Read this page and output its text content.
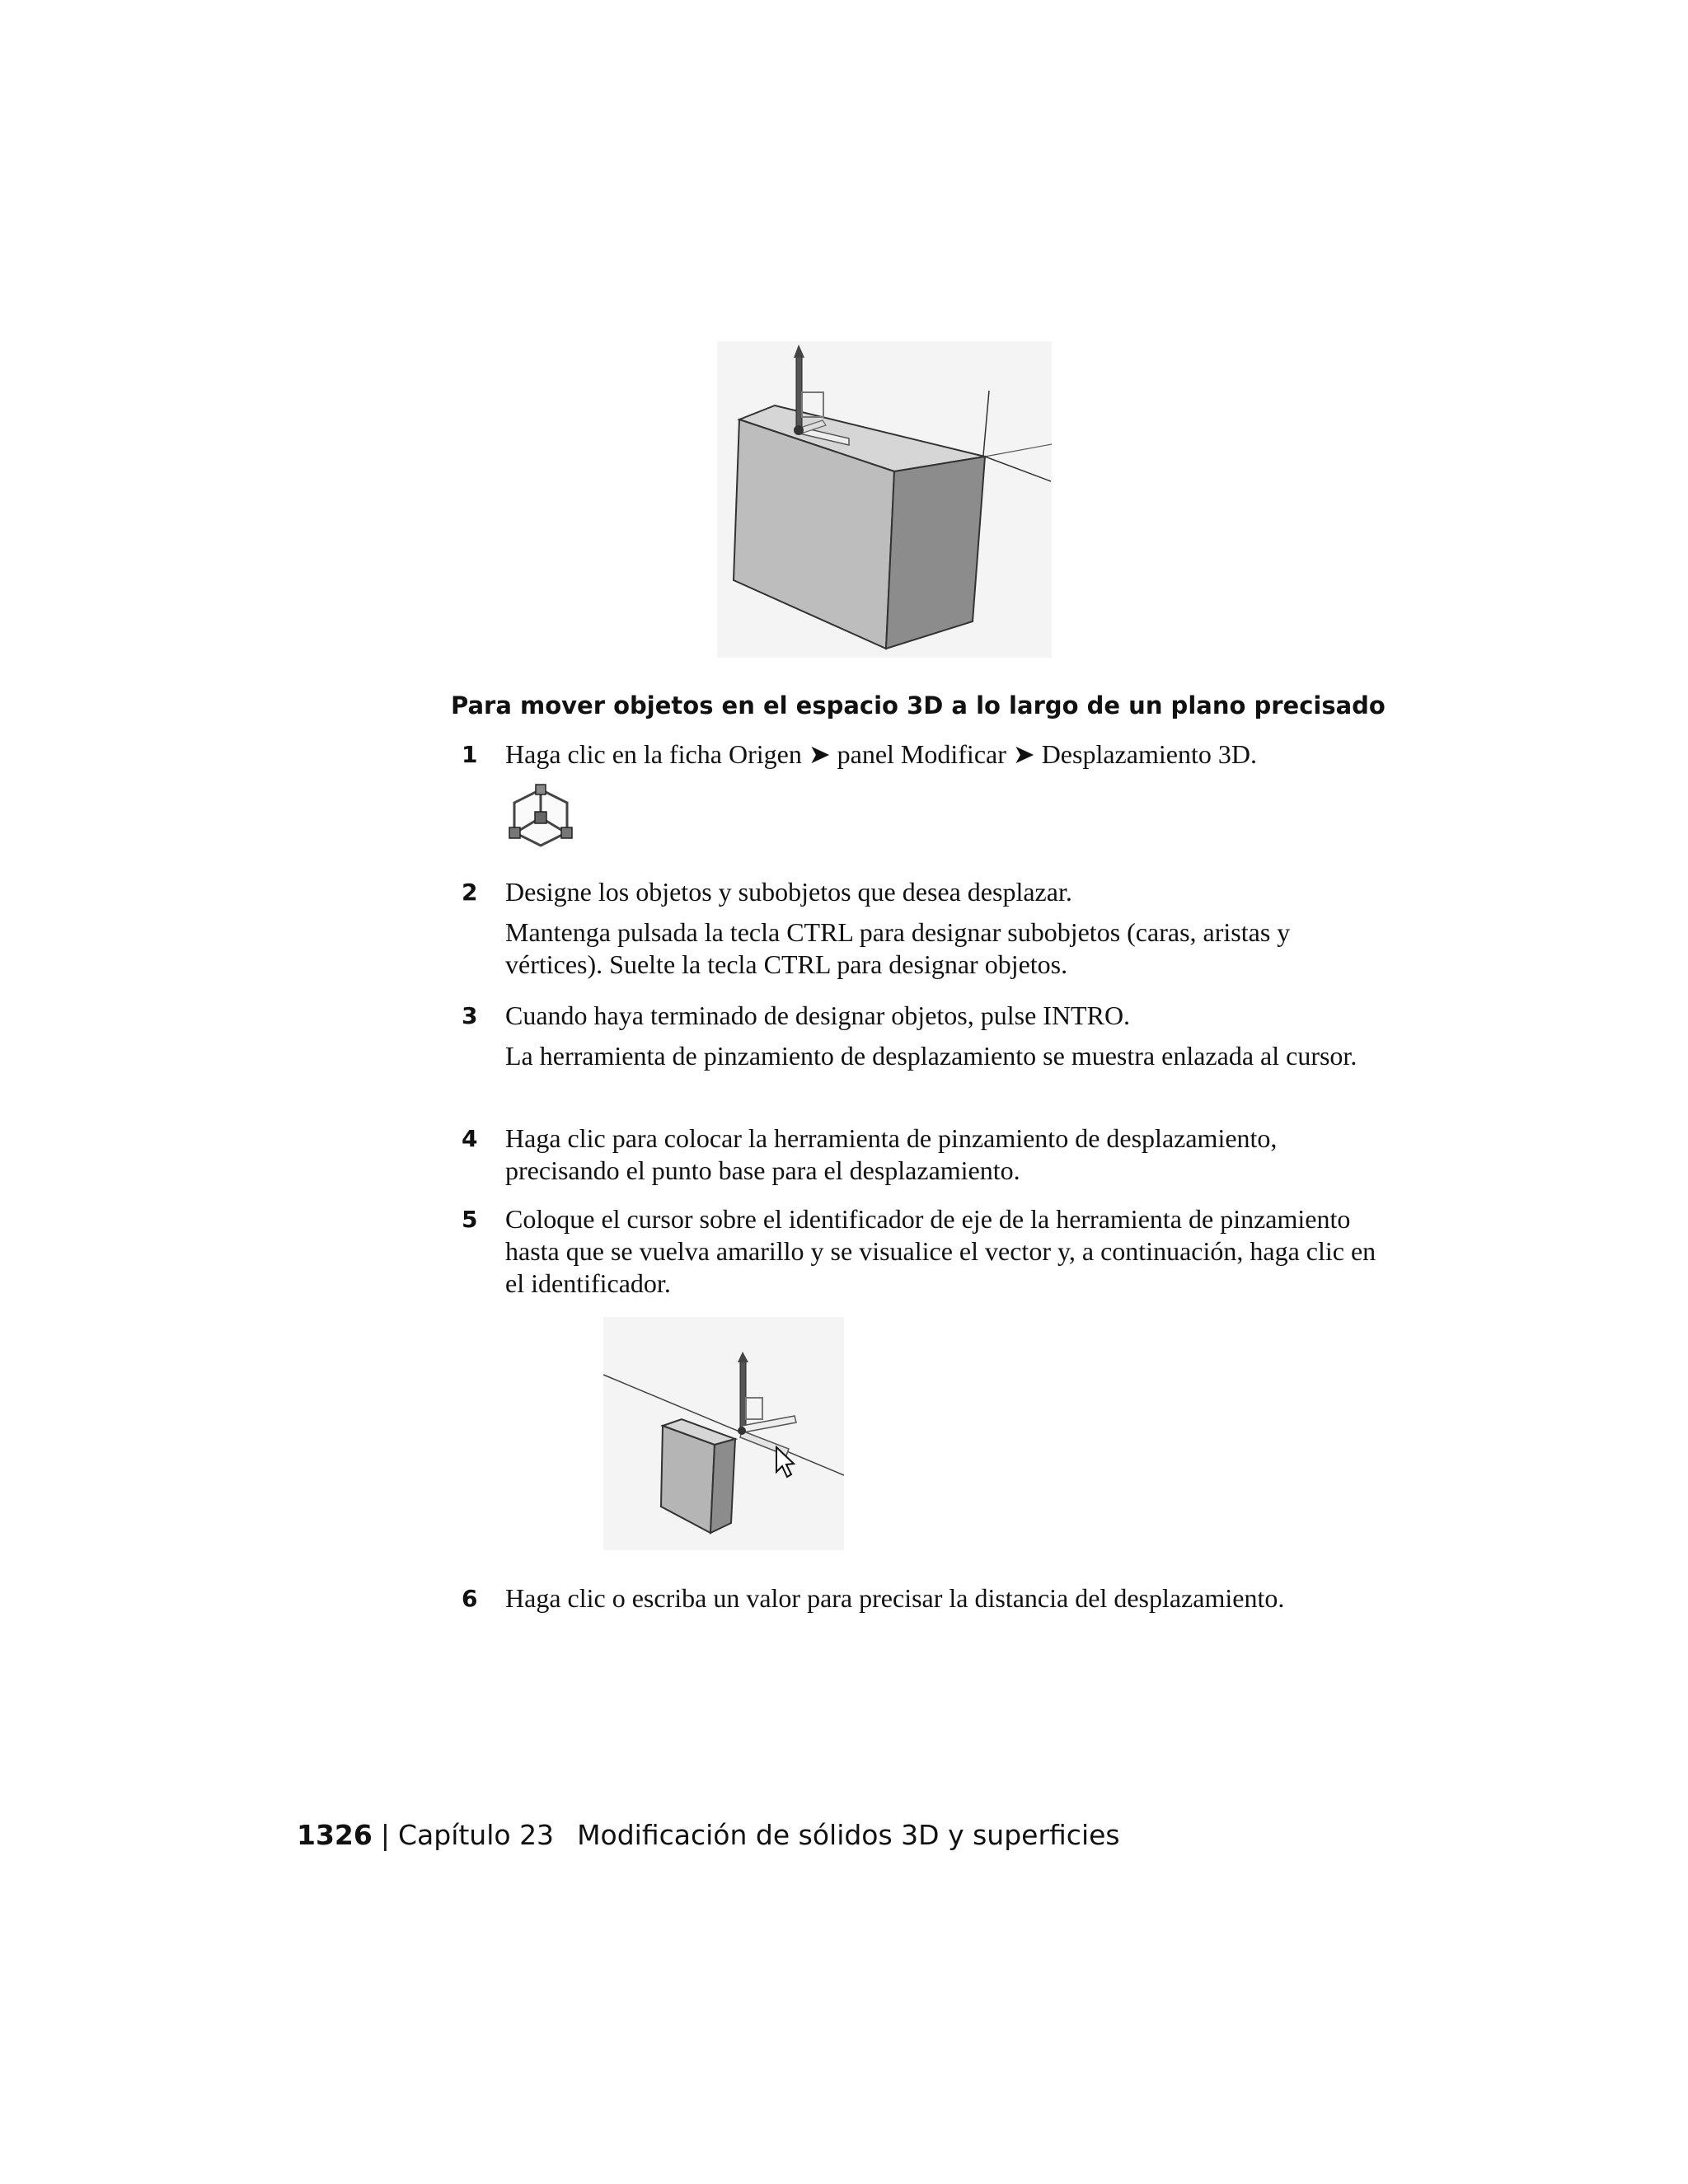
Para mover objetos en el espacio 3D a lo largo de un plano precisado
1 Haga clic en la ficha Origen ➤ panel Modificar ➤ Desplazamiento 3D.

2 Designe los objetos y subobjetos que desea desplazar.

Mantenga pulsada la tecla CTRL para designar subobjetos (caras, aristas y vértices). Suelte la tecla CTRL para designar objetos.

3 Cuando haya terminado de designar objetos, pulse INTRO.

La herramienta de pinzamiento de desplazamiento se muestra enlazada al cursor.

4 Haga clic para colocar la herramienta de pinzamiento de desplazamiento, precisando el punto base para el desplazamiento.

5 Coloque el cursor sobre el identificador de eje de la herramienta de pinzamiento hasta que se vuelva amarillo y se visualice el vector y, a continuación, haga clic en el identificador.

6 Haga clic o escriba un valor para precisar la distancia del desplazamiento.

1326 | Capítulo 23 Modificación de sólidos 3D y superficies
